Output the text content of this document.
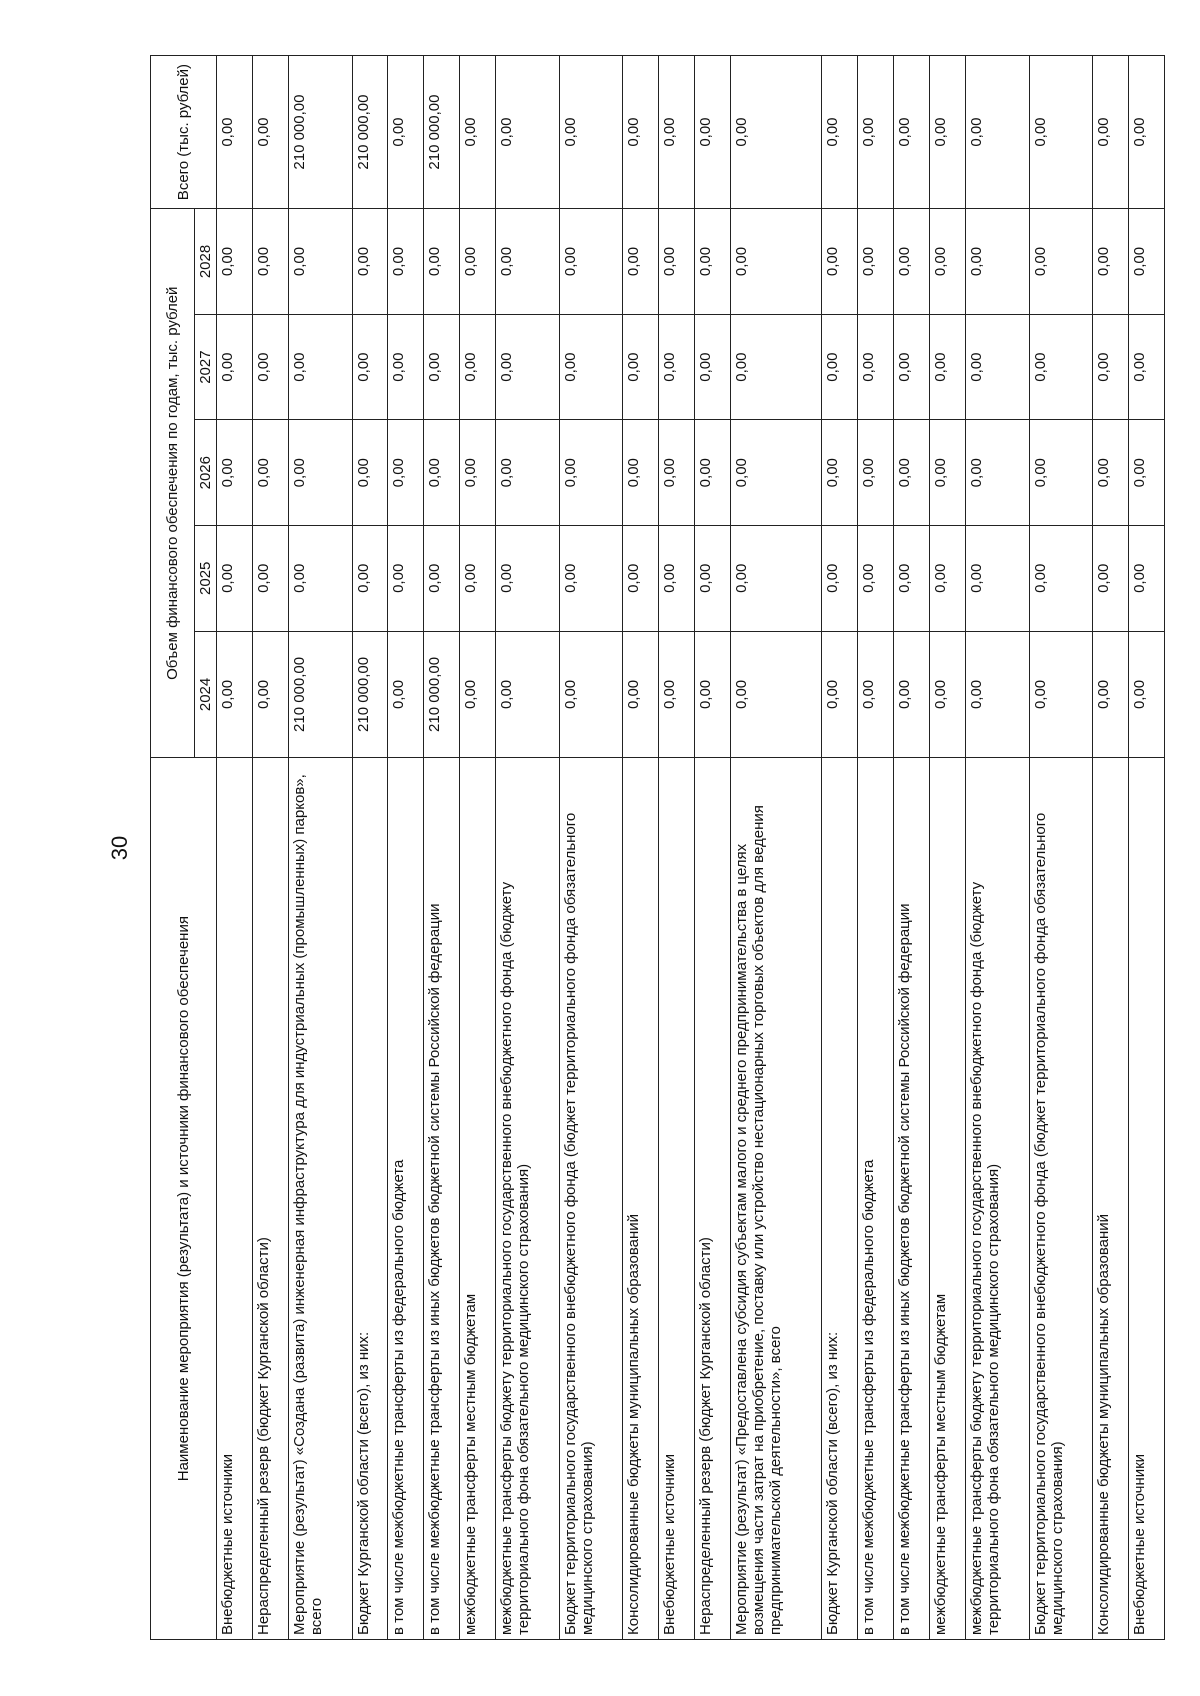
30
Наименование мероприятия (результата) и источники финансового обеспечения	Объем финансового обеспечения по годам, тыс. рублей					Всего (тыс. рублей)
	2024	2025	2026	2027	2028	
Внебюджетные источники	0,00	0,00	0,00	0,00	0,00	0,00
Нераспределенный резерв (бюджет Курганской области)	0,00	0,00	0,00	0,00	0,00	0,00
Мероприятие (результат) «Создана (развита) инженерная инфраструктура для индустриальных (промышленных) парков», всего	210 000,00	0,00	0,00	0,00	0,00	210 000,00
Бюджет Курганской области (всего), из них:	210 000,00	0,00	0,00	0,00	0,00	210 000,00
в том числе межбюджетные трансферты из федерального бюджета	0,00	0,00	0,00	0,00	0,00	0,00
в том числе межбюджетные трансферты из иных бюджетов бюджетной системы Российской федерации	210 000,00	0,00	0,00	0,00	0,00	210 000,00
межбюджетные трансферты местным бюджетам	0,00	0,00	0,00	0,00	0,00	0,00
межбюджетные трансферты бюджету территориального государственного внебюджетного фонда (бюджету территориального фона обязательного медицинского страхования)	0,00	0,00	0,00	0,00	0,00	0,00
Бюджет территориального государственного внебюджетного фонда (бюджет территориального фонда обязательного медицинского страхования)	0,00	0,00	0,00	0,00	0,00	0,00
Консолидированные бюджеты муниципальных образований	0,00	0,00	0,00	0,00	0,00	0,00
Внебюджетные источники	0,00	0,00	0,00	0,00	0,00	0,00
Нераспределенный резерв (бюджет Курганской области)	0,00	0,00	0,00	0,00	0,00	0,00
Мероприятие (результат) «Предоставлена субсидия субъектам малого и среднего предпринимательства в целях возмещения части затрат на приобретение, поставку или устройство нестационарных торговых объектов для ведения предпринимательской деятельности», всего	0,00	0,00	0,00	0,00	0,00	0,00
Бюджет Курганской области (всего), из них:	0,00	0,00	0,00	0,00	0,00	0,00
в том числе межбюджетные трансферты из федерального бюджета	0,00	0,00	0,00	0,00	0,00	0,00
в том числе межбюджетные трансферты из иных бюджетов бюджетной системы Российской федерации	0,00	0,00	0,00	0,00	0,00	0,00
межбюджетные трансферты местным бюджетам	0,00	0,00	0,00	0,00	0,00	0,00
межбюджетные трансферты бюджету территориального государственного внебюджетного фонда (бюджету территориального фона обязательного медицинского страхования)	0,00	0,00	0,00	0,00	0,00	0,00
Бюджет территориального государственного внебюджетного фонда (бюджет территориального фонда обязательного медицинского страхования)	0,00	0,00	0,00	0,00	0,00	0,00
Консолидированные бюджеты муниципальных образований	0,00	0,00	0,00	0,00	0,00	0,00
Внебюджетные источники	0,00	0,00	0,00	0,00	0,00	0,00
